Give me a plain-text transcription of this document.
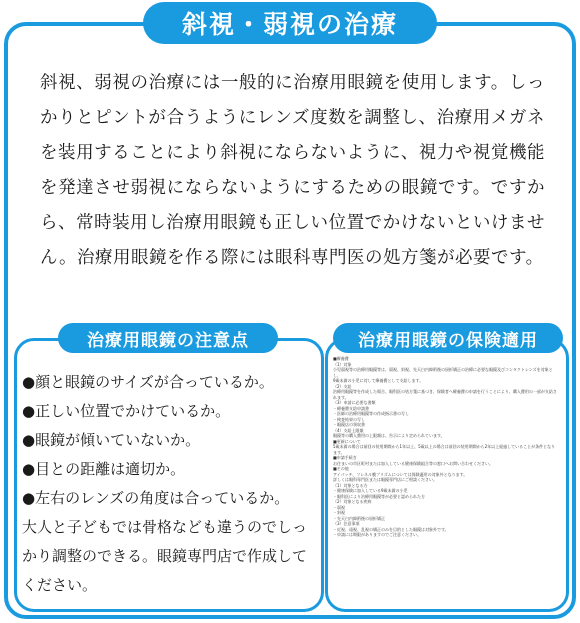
斜視・弱視の治療

斜視、弱視の治療には一般的に治療用眼鏡を使用します。しっかりとピントが合うようにレンズ度数を調整し、治療用メガネを装用することにより斜視にならないように、視力や視覚機能を発達させ弱視にならないようにするための眼鏡です。ですから、常時装用し治療用眼鏡も正しい位置でかけないといけません。治療用眼鏡を作る際には眼科専門医の処方箋が必要です。

治療用眼鏡の注意点
●顔と眼鏡のサイズが合っているか。
●正しい位置でかけているか。
●眼鏡が傾いていないか。
●目との距離は適切か。
●左右のレンズの角度は合っているか。
大人と子どもでは骨格なども違うのでしっかり調整のできる。眼鏡専門店で作成してください。
治療用眼鏡の保険適用
■療養費
（1）対象
小児弱視等の治療用眼鏡等は、弱視、斜視、先天白内障術後の屈折矯正の治療に必要な眼鏡及びコンタクトレンズを対象とし、
9歳未満の小児に対して療養費として支給します。
（2）支給
治療用眼鏡等を作成した場合、眼科医の処方箋に基づき、保険者へ療養費の申請を行うことにより、購入費用の一部が支給されます。
（3）申請に必要な書類
・療養費支給申請書
・医師の治療用眼鏡等の作成指示書の写し
・検査結果の写し
・眼鏡店の領収書
（4）支給上限額
眼鏡等の購入費用の上限額は、告示により定められています。
■更新について
5歳未満の場合は前回の装用期間から1年以上、5歳以上の場合は前回の装用期間から2年以上経過していることが条件となります。
■申請手続き
お住まいの市区町村または加入している健康保険組合等の窓口へお問い合わせください。
■その他
アイパッチ、フレネル膜プリズムについては保険適用の対象外となります。
詳しくは眼科専門医または眼鏡専門店にご相談ください。
（1）対象となる方
・健康保険に加入している9歳未満の小児
・眼科医により治療用眼鏡等が必要と認められた方
（2）対象となる疾病
・弱視
・斜視
・先天白内障術後の屈折矯正
（3）注意事項
・近視、遠視、乱視の矯正のみを目的とした眼鏡は対象外です。
・申請には期限がありますのでご注意ください。
